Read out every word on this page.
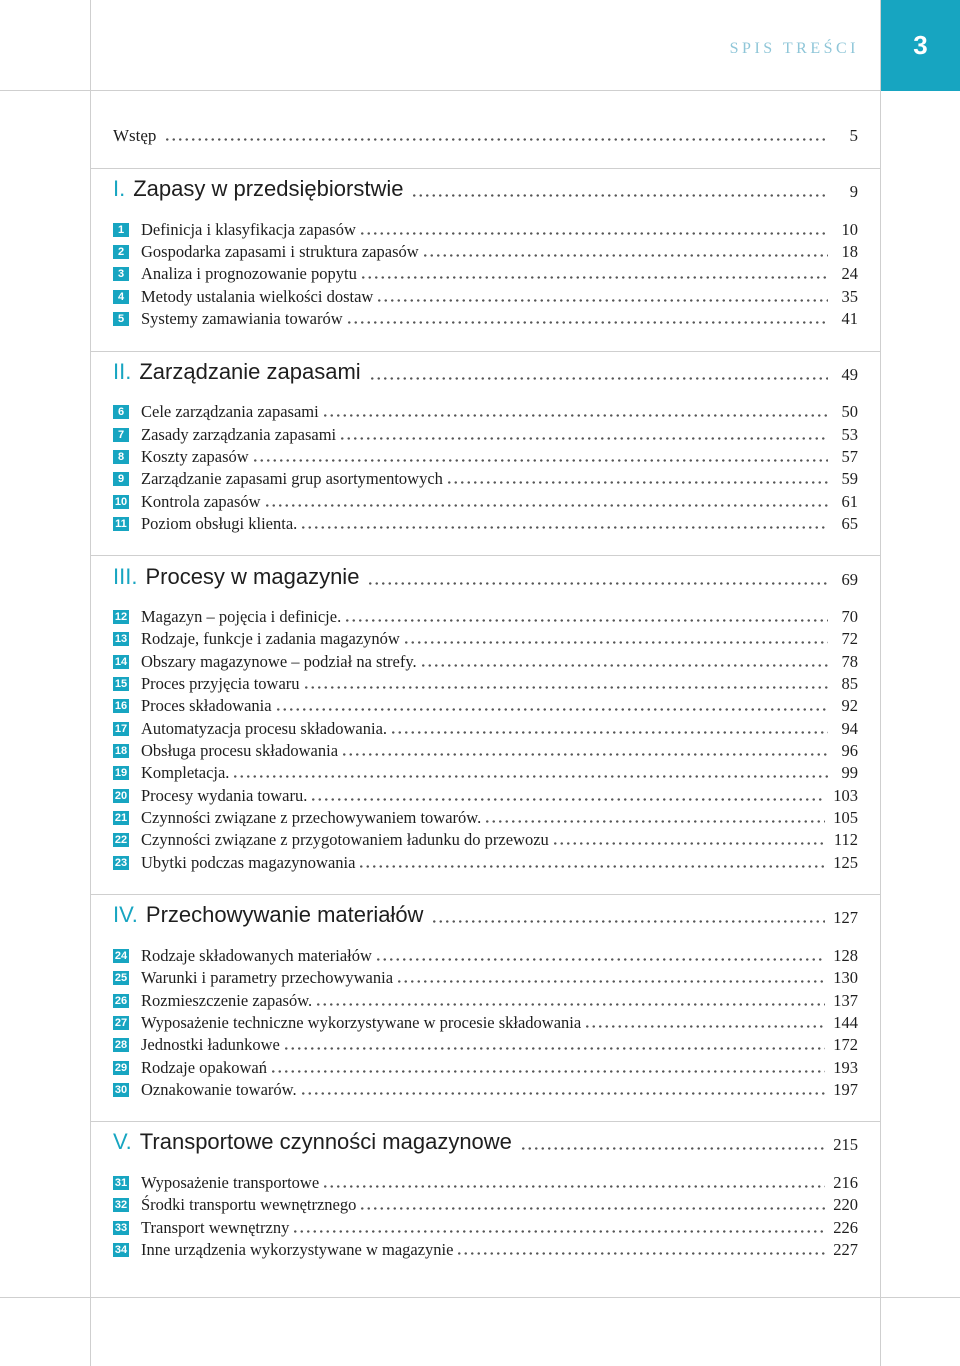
SPIS TREŚCI 3
Wstęp	5
I. Zapasy w przedsiębiorstwie	9
1 Definicja i klasyfikacja zapasów	10
2 Gospodarka zapasami i struktura zapasów	18
3 Analiza i prognozowanie popytu	24
4 Metody ustalania wielkości dostaw	35
5 Systemy zamawiania towarów	41
II. Zarządzanie zapasami	49
6 Cele zarządzania zapasami	50
7 Zasady zarządzania zapasami	53
8 Koszty zapasów	57
9 Zarządzanie zapasami grup asortymentowych	59
10 Kontrola zapasów	61
11 Poziom obsługi klienta.	65
III. Procesy w magazynie	69
12 Magazyn – pojęcia i definicje.	70
13 Rodzaje, funkcje i zadania magazynów	72
14 Obszary magazynowe – podział na strefy.	78
15 Proces przyjęcia towaru	85
16 Proces składowania	92
17 Automatyzacja procesu składowania.	94
18 Obsługa procesu składowania	96
19 Kompletacja.	99
20 Procesy wydania towaru.	103
21 Czynności związane z przechowywaniem towarów.	105
22 Czynności związane z przygotowaniem ładunku do przewozu	112
23 Ubytki podczas magazynowania	125
IV. Przechowywanie materiałów	127
24 Rodzaje składowanych materiałów	128
25 Warunki i parametry przechowywania	130
26 Rozmieszczenie zapasów.	137
27 Wyposażenie techniczne wykorzystywane w procesie składowania	144
28 Jednostki ładunkowe	172
29 Rodzaje opakowań	193
30 Oznakowanie towarów.	197
V. Transportowe czynności magazynowe	215
31 Wyposażenie transportowe	216
32 Środki transportu wewnętrznego	220
33 Transport wewnętrzny	226
34 Inne urządzenia wykorzystywane w magazynie	227
